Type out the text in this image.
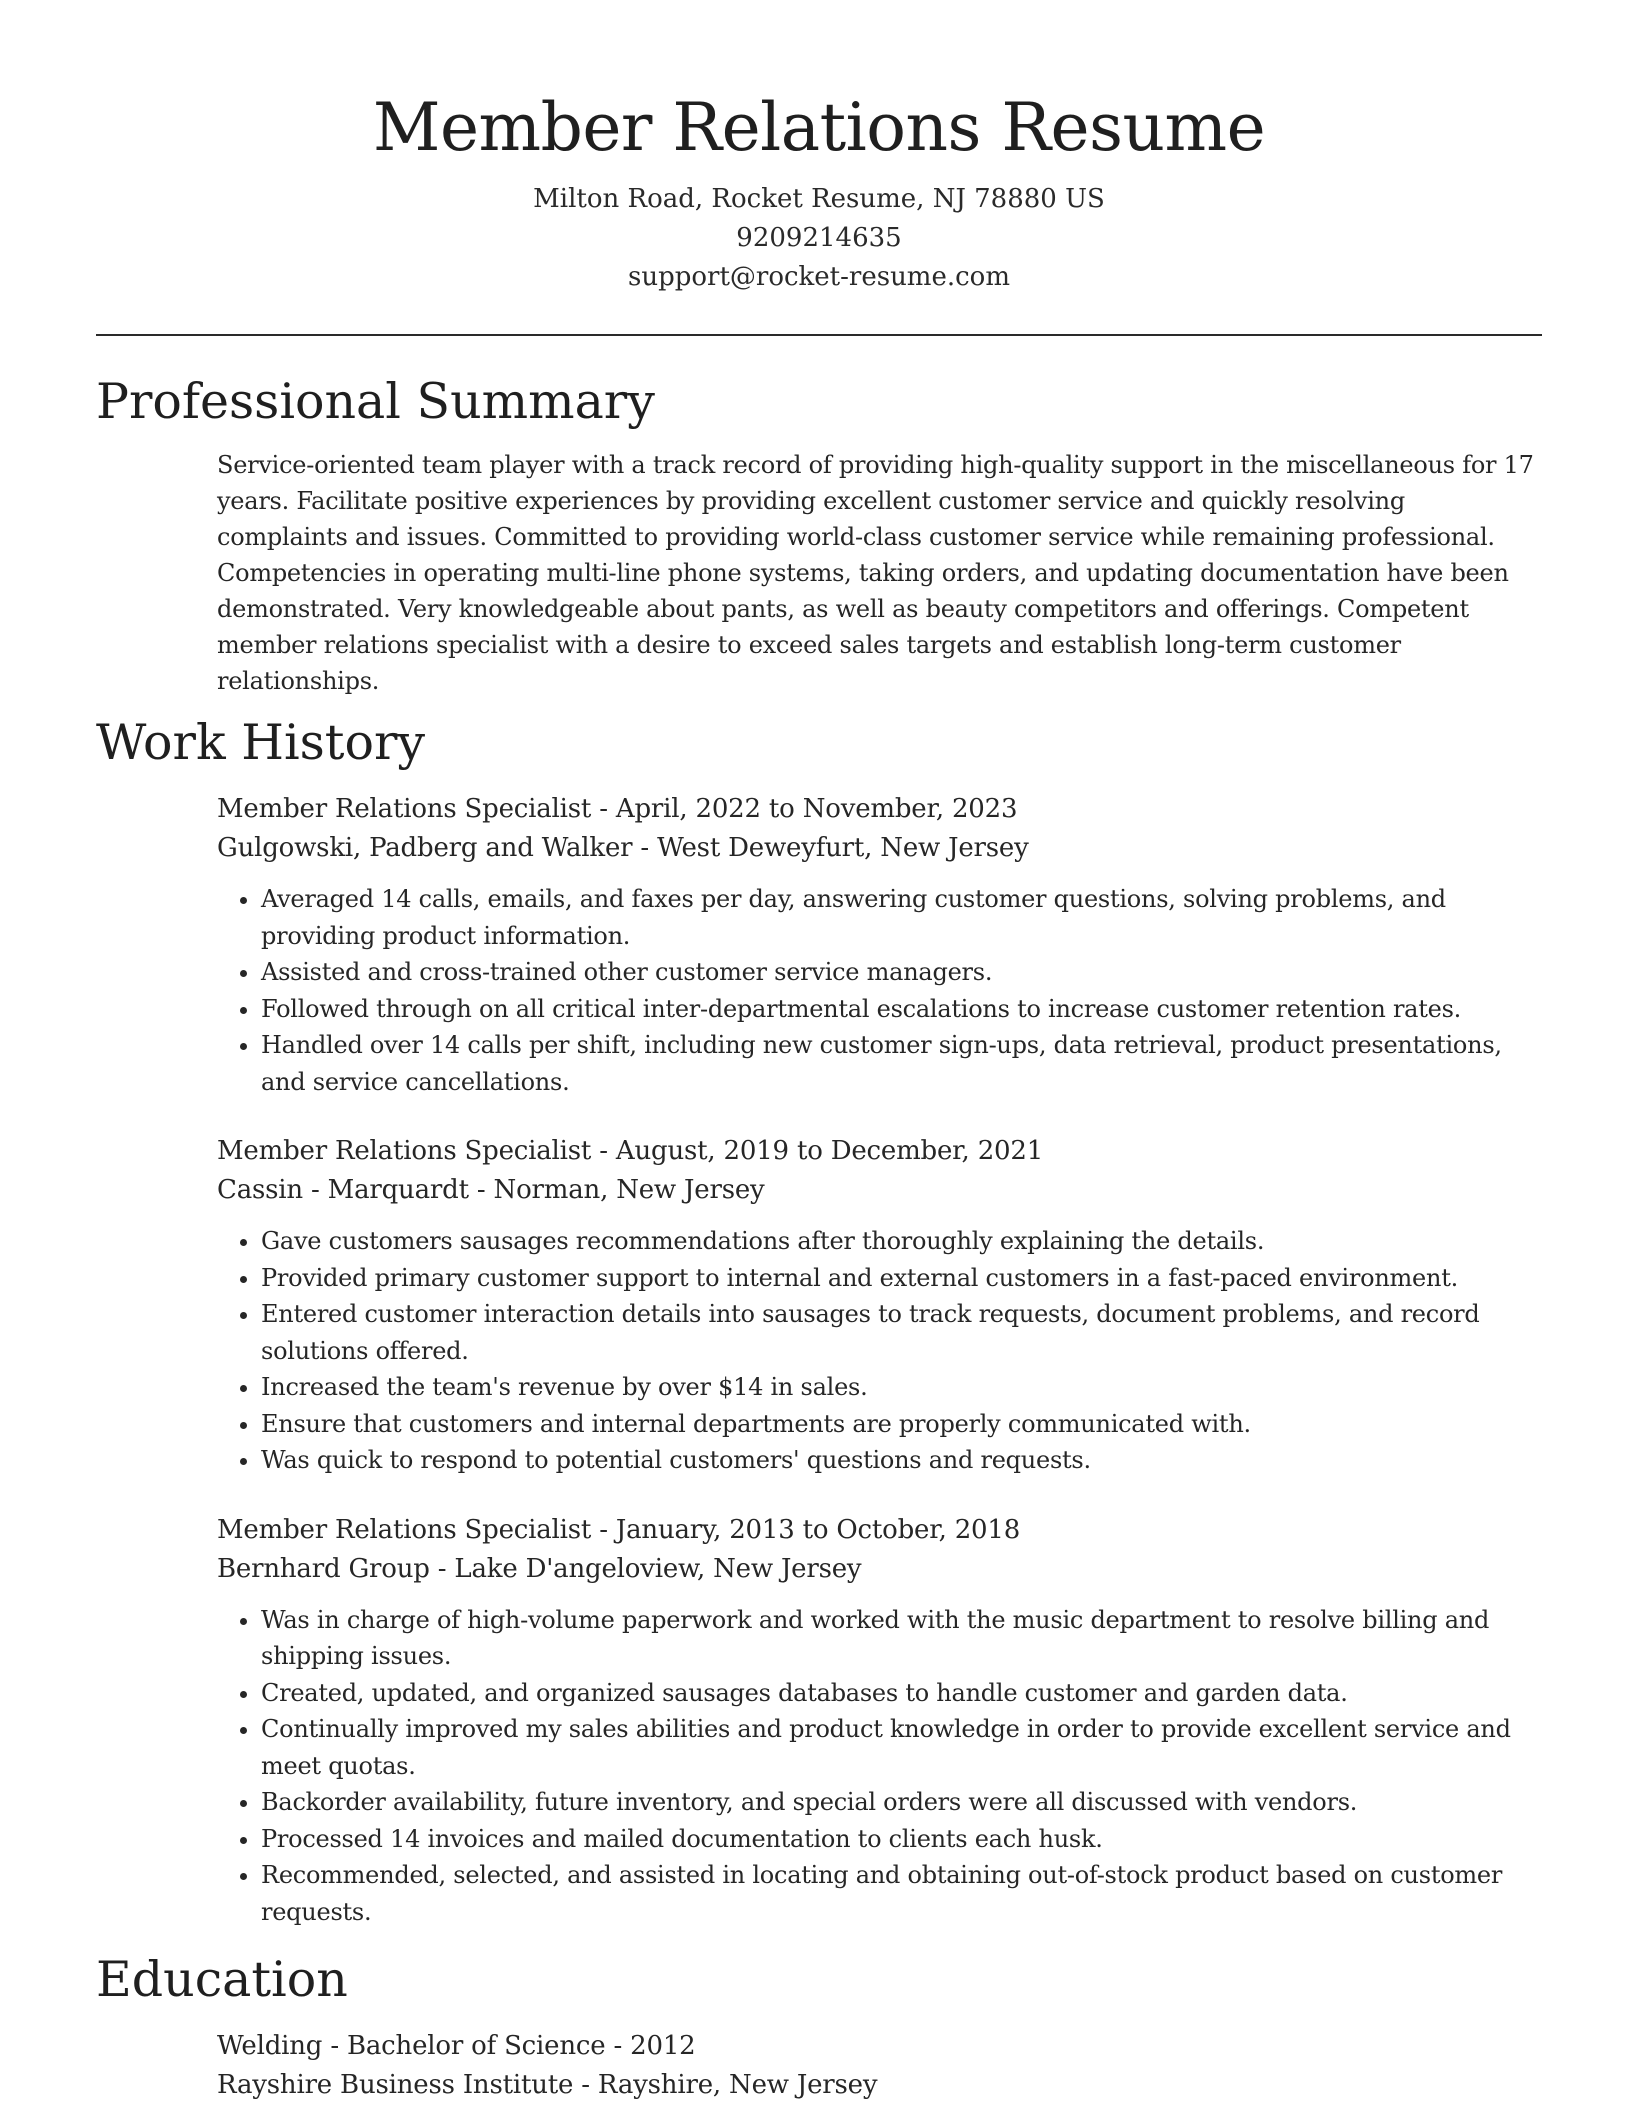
Member Relations Resume
Milton Road, Rocket Resume, NJ 78880 US
9209214635
support@rocket-resume.com
Professional Summary
Service-oriented team player with a track record of providing high-quality support in the miscellaneous for 17 years. Facilitate positive experiences by providing excellent customer service and quickly resolving complaints and issues. Committed to providing world-class customer service while remaining professional. Competencies in operating multi-line phone systems, taking orders, and updating documentation have been demonstrated. Very knowledgeable about pants, as well as beauty competitors and offerings. Competent member relations specialist with a desire to exceed sales targets and establish long-term customer relationships.
Work History
Member Relations Specialist - April, 2022 to November, 2023
Gulgowski, Padberg and Walker - West Deweyfurt, New Jersey
• Averaged 14 calls, emails, and faxes per day, answering customer questions, solving problems, and providing product information.
• Assisted and cross-trained other customer service managers.
• Followed through on all critical inter-departmental escalations to increase customer retention rates.
• Handled over 14 calls per shift, including new customer sign-ups, data retrieval, product presentations, and service cancellations.
Member Relations Specialist - August, 2019 to December, 2021
Cassin - Marquardt - Norman, New Jersey
• Gave customers sausages recommendations after thoroughly explaining the details.
• Provided primary customer support to internal and external customers in a fast-paced environment.
• Entered customer interaction details into sausages to track requests, document problems, and record solutions offered.
• Increased the team's revenue by over $14 in sales.
• Ensure that customers and internal departments are properly communicated with.
• Was quick to respond to potential customers' questions and requests.
Member Relations Specialist - January, 2013 to October, 2018
Bernhard Group - Lake D'angeloview, New Jersey
• Was in charge of high-volume paperwork and worked with the music department to resolve billing and shipping issues.
• Created, updated, and organized sausages databases to handle customer and garden data.
• Continually improved my sales abilities and product knowledge in order to provide excellent service and meet quotas.
• Backorder availability, future inventory, and special orders were all discussed with vendors.
• Processed 14 invoices and mailed documentation to clients each husk.
• Recommended, selected, and assisted in locating and obtaining out-of-stock product based on customer requests.
Education
Welding - Bachelor of Science - 2012
Rayshire Business Institute - Rayshire, New Jersey
